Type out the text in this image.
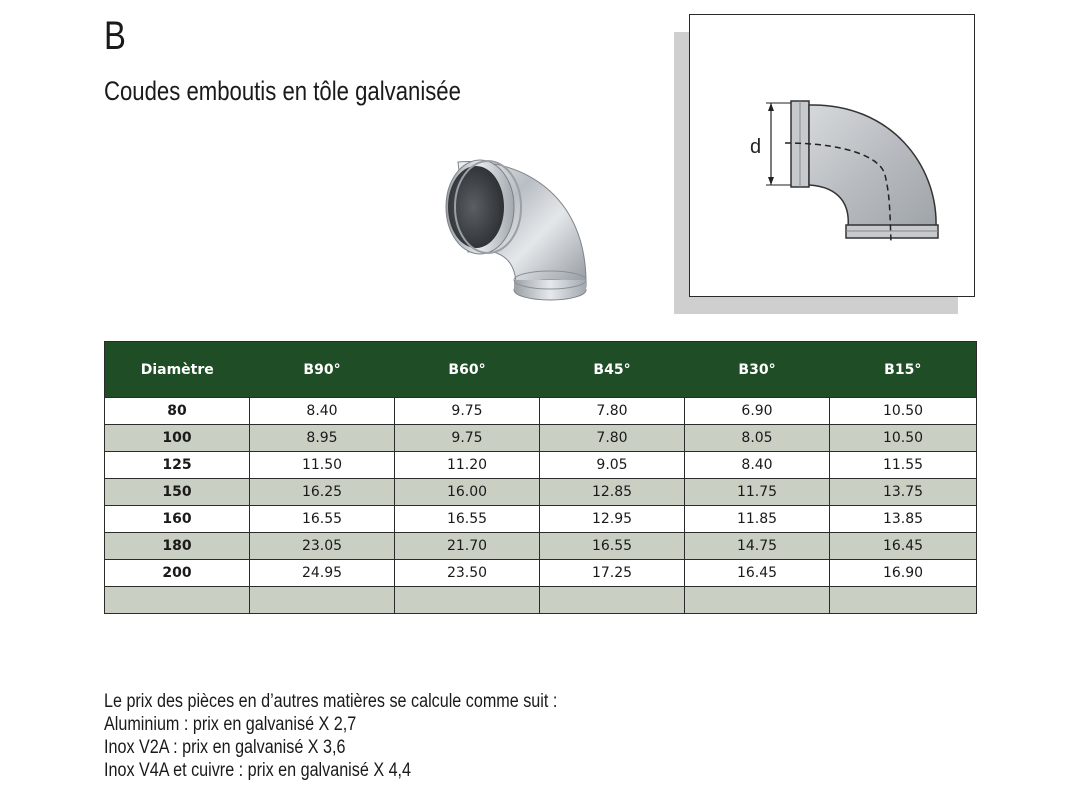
B
Coudes emboutis en tôle galvanisée
d
Diamètre	B90°	B60°	B45°	B30°	B15°
80	8.40	9.75	7.80	6.90	10.50
100	8.95	9.75	7.80	8.05	10.50
125	11.50	11.20	9.05	8.40	11.55
150	16.25	16.00	12.85	11.75	13.75
160	16.55	16.55	12.95	11.85	13.85
180	23.05	21.70	16.55	14.75	16.45
200	24.95	23.50	17.25	16.45	16.90

Le prix des pièces en d’autres matières se calcule comme suit :
Aluminium : prix en galvanisé X 2,7
Inox V2A : prix en galvanisé X 3,6
Inox V4A et cuivre : prix en galvanisé X 4,4
